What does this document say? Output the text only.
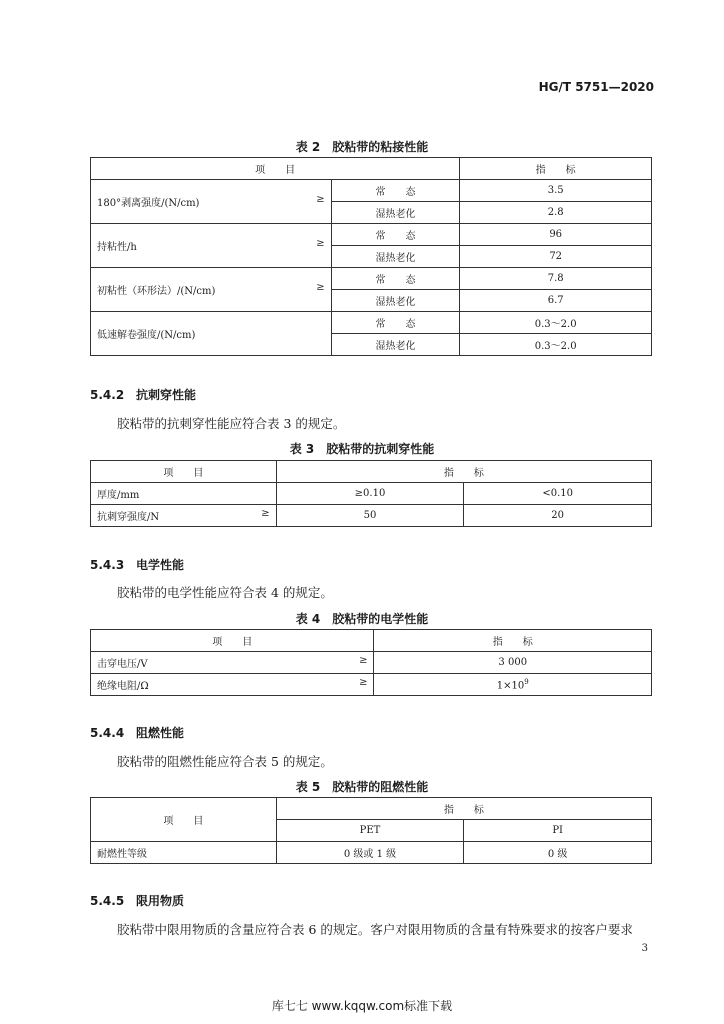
HG/T 5751—2020
表 2　胶粘带的粘接性能
项　　目		指　　标
180°剥离强度/(N/cm) ≥	常　　态	3.5
	湿热老化	2.8
持粘性/h ≥	常　　态	96
	湿热老化	72
初粘性（环形法）/(N/cm) ≥	常　　态	7.8
	湿热老化	6.7
低速解卷强度/(N/cm)	常　　态	0.3～2.0
	湿热老化	0.3～2.0
5.4.2 抗刺穿性能
胶粘带的抗刺穿性能应符合表 3 的规定。
表 3　胶粘带的抗刺穿性能
项　　目	指　　标	
厚度/mm	≥0.10	<0.10
抗刺穿强度/N ≥	50	20
5.4.3 电学性能
胶粘带的电学性能应符合表 4 的规定。
表 4　胶粘带的电学性能
项　　目	指　　标
击穿电压/V ≥	3 000
绝缘电阻/Ω ≥	$1\times 10^9$
5.4.4 阻燃性能
胶粘带的阻燃性能应符合表 5 的规定。
表 5　胶粘带的阻燃性能
项　　目	指　　标	
	PET	PI
耐燃性等级	0 级或 1 级	0 级
5.4.5 限用物质
胶粘带中限用物质的含量应符合表 6 的规定。客户对限用物质的含量有特殊要求的按客户要求
3
库七七 www.kqqw.com标准下载
